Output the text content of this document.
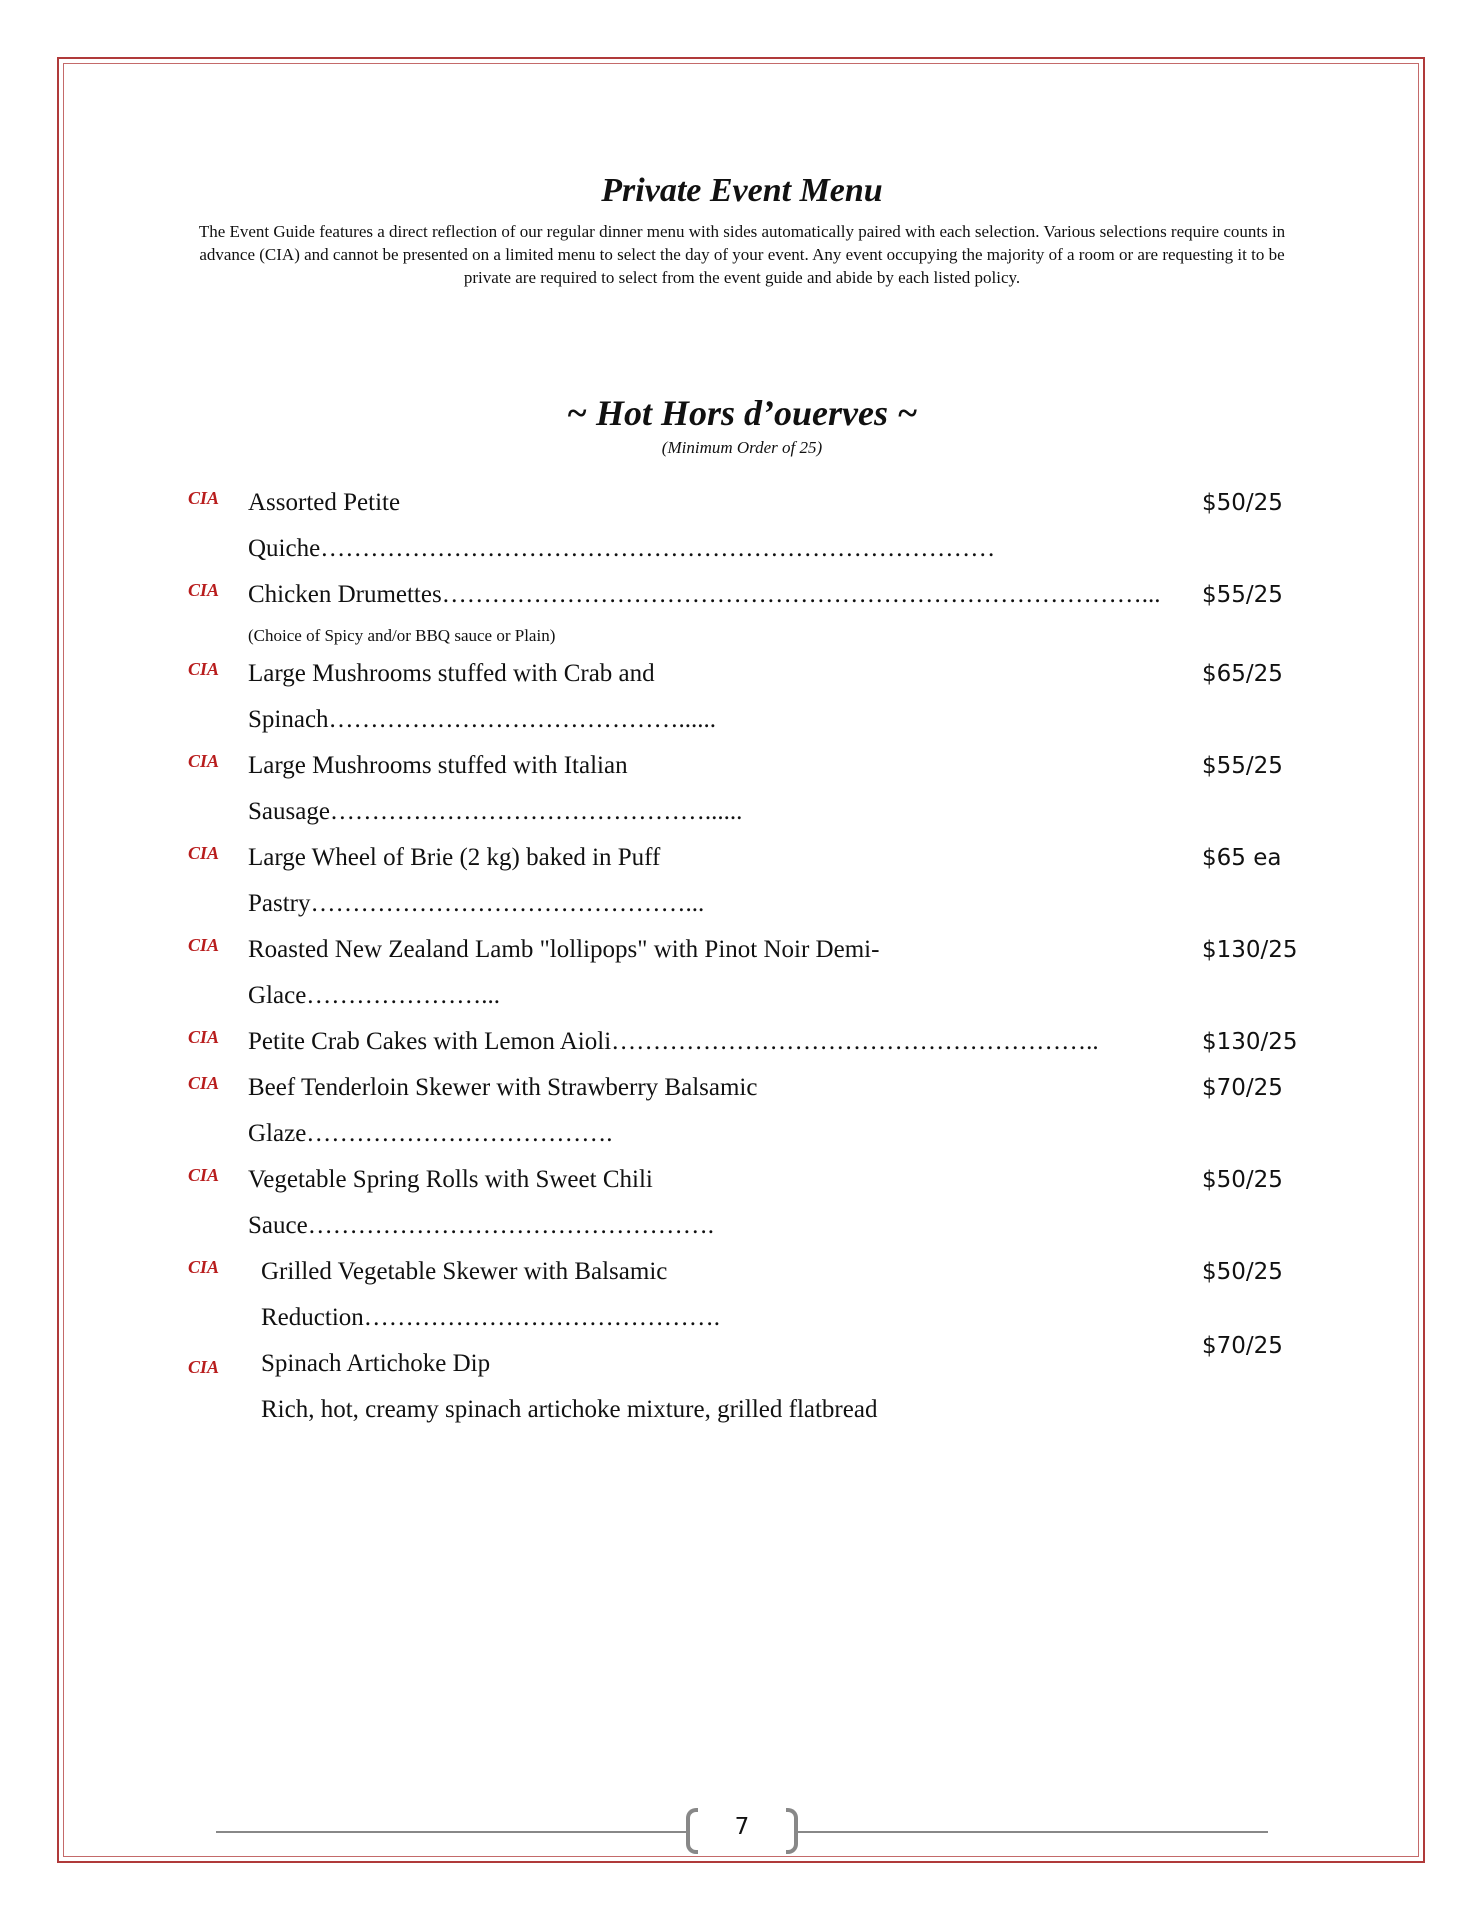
Private Event Menu
The Event Guide features a direct reflection of our regular dinner menu with sides automatically paired with each selection. Various selections require counts in advance (CIA) and cannot be presented on a limited menu to select the day of your event. Any event occupying the majority of a room or are requesting it to be private are required to select from the event guide and abide by each listed policy.
~ Hot Hors d’ouerves ~
(Minimum Order of 25)
CIA Assorted Petite
Quiche………………………………………………………………………
$50/25
CIA Chicken Drumettes…………………………………………………………………………...
(Choice of Spicy and/or BBQ sauce or Plain)
$55/25
CIA Large Mushrooms stuffed with Crab and
Spinach……………………………………......
$65/25
CIA Large Mushrooms stuffed with Italian
Sausage………………………………………......
$55/25
CIA Large Wheel of Brie (2 kg) baked in Puff
Pastry………………………………………...
$65 ea
CIA Roasted New Zealand Lamb "lollipops" with Pinot Noir Demi-
Glace…………………...
$130/25
CIA Petite Crab Cakes with Lemon Aioli…………………………………………………..	$130/25
CIA Beef Tenderloin Skewer with Strawberry Balsamic
Glaze……………………………….
$70/25
CIA Vegetable Spring Rolls with Sweet Chili
Sauce………………………………………….
$50/25
CIA Grilled Vegetable Skewer with Balsamic
Reduction…………………………………….
$50/25
CIA Spinach Artichoke Dip
Rich, hot, creamy spinach artichoke mixture, grilled flatbread
$70/25
7
